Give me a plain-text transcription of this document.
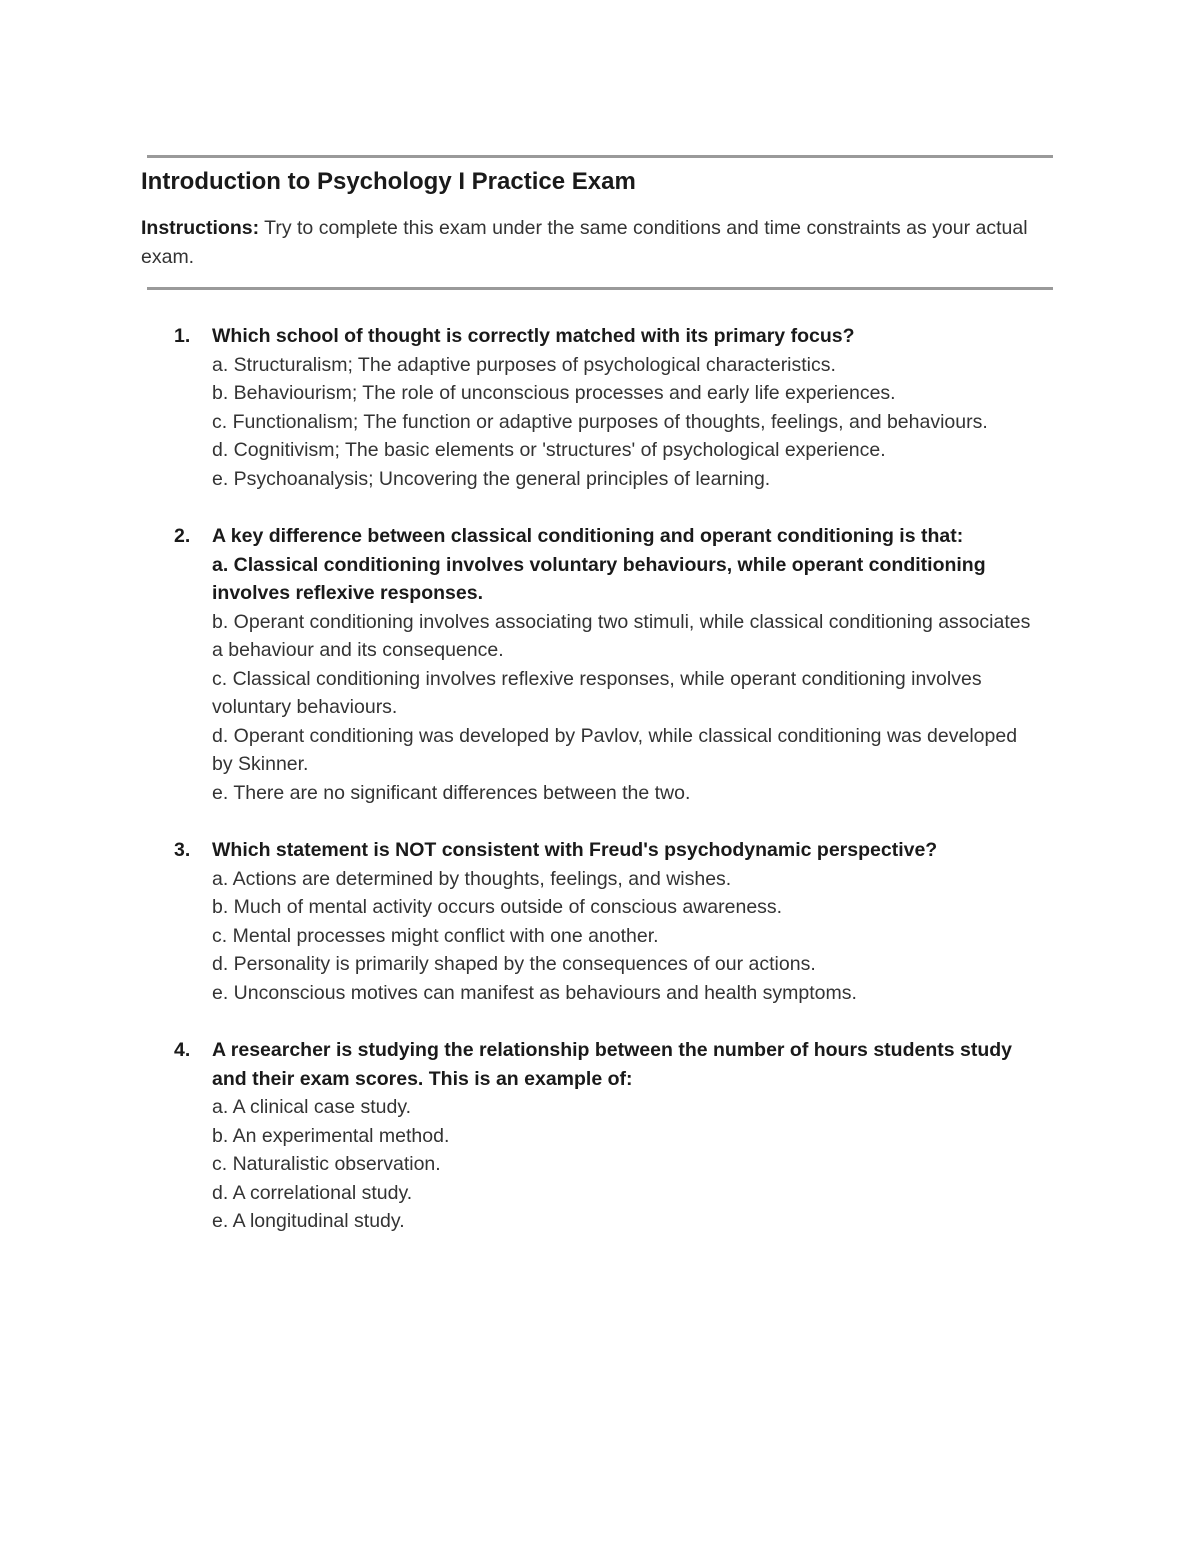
Introduction to Psychology I Practice Exam

Instructions: Try to complete this exam under the same conditions and time constraints as your actual exam.

1. Which school of thought is correctly matched with its primary focus?

a. Structuralism; The adaptive purposes of psychological characteristics.

b. Behaviourism; The role of unconscious processes and early life experiences.

c. Functionalism; The function or adaptive purposes of thoughts, feelings, and behaviours.

d. Cognitivism; The basic elements or 'structures' of psychological experience.

e. Psychoanalysis; Uncovering the general principles of learning.

2. A key difference between classical conditioning and operant conditioning is that:

a. Classical conditioning involves voluntary behaviours, while operant conditioning involves reflexive responses.

b. Operant conditioning involves associating two stimuli, while classical conditioning associates a behaviour and its consequence.

c. Classical conditioning involves reflexive responses, while operant conditioning involves voluntary behaviours.

d. Operant conditioning was developed by Pavlov, while classical conditioning was developed by Skinner.

e. There are no significant differences between the two.

3. Which statement is NOT consistent with Freud's psychodynamic perspective?

a. Actions are determined by thoughts, feelings, and wishes.

b. Much of mental activity occurs outside of conscious awareness.

c. Mental processes might conflict with one another.

d. Personality is primarily shaped by the consequences of our actions.

e. Unconscious motives can manifest as behaviours and health symptoms.

4. A researcher is studying the relationship between the number of hours students study and their exam scores. This is an example of:

a. A clinical case study.

b. An experimental method.

c. Naturalistic observation.

d. A correlational study.

e. A longitudinal study.
